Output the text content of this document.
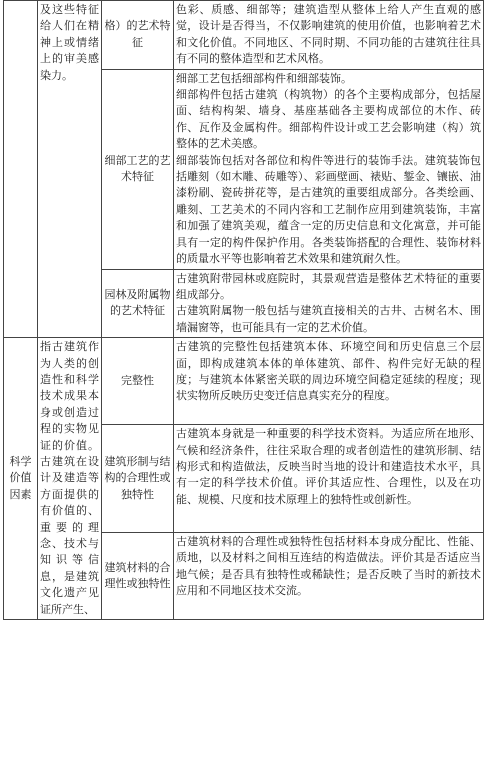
	及这些特征给人们在精神上或情绪上的审美感染力。	格）的艺术特征	色彩、质感、细部等；建筑造型从整体上给人产生直观的感觉，设计是否得当，不仅影响建筑的使用价值，也影响着艺术和文化价值。不同地区、不同时期、不同功能的古建筑往往具有不同的整体造型和艺术风格。

		细部工艺的艺术特征	细部工艺包括细部构件和细部装饰。
细部构件包括古建筑（构筑物）的各个主要构成部分，包括屋面、结构构架、墙身、基座基础各主要构成部位的木作、砖作、瓦作及金属构件。细部构件设计或工艺会影响建（构）筑整体的艺术美感。
细部装饰包括对各部位和构件等进行的装饰手法。建筑装饰包括雕刻（如木雕、砖雕等）、彩画壁画、裱贴、錾金、镶嵌、油漆粉刷、瓷砖拼花等，是古建筑的重要组成部分。各类绘画、雕刻、工艺美术的不同内容和工艺制作应用到建筑装饰，丰富和加强了建筑美观，蕴含一定的历史信息和文化寓意，并可能具有一定的构件保护作用。各类装饰搭配的合理性、装饰材料的质量水平等也影响着艺术效果和建筑耐久性。

		园林及附属物的艺术特征	古建筑附带园林或庭院时，其景观营造是整体艺术特征的重要组成部分。
古建筑附属物一般包括与建筑直接相关的古井、古树名木、围墙漏窗等，也可能具有一定的艺术价值。

科学价值因素	指古建筑作为人类的创造性和科学技术成果本身或创造过程的实物见证的价值。古建筑在设计及建造等方面提供的有价值的、重要的理念、技术与知识等信息，是建筑文化遗产见证所产生、	完整性	古建筑的完整性包括建筑本体、环境空间和历史信息三个层面，即构成建筑本体的单体建筑、部件、构件完好无缺的程度；与建筑本体紧密关联的周边环境空间稳定延续的程度；现状实物所反映历史变迁信息真实充分的程度。

		建筑形制与结构的合理性或独特性	古建筑本身就是一种重要的科学技术资料。为适应所在地形、气候和经济条件，往往采取合理的或者创造性的建筑形制、结构形式和构造做法，反映当时当地的设计和建造技术水平，具有一定的科学技术价值。评价其适应性、合理性，以及在功能、规模、尺度和技术原理上的独特性或创新性。

		建筑材料的合理性或独特性	古建筑材料的合理性或独特性包括材料本身成分配比、性能、质地，以及材料之间相互连结的构造做法。评价其是否适应当地气候；是否具有独特性或稀缺性；是否反映了当时的新技术应用和不同地区技术交流。
